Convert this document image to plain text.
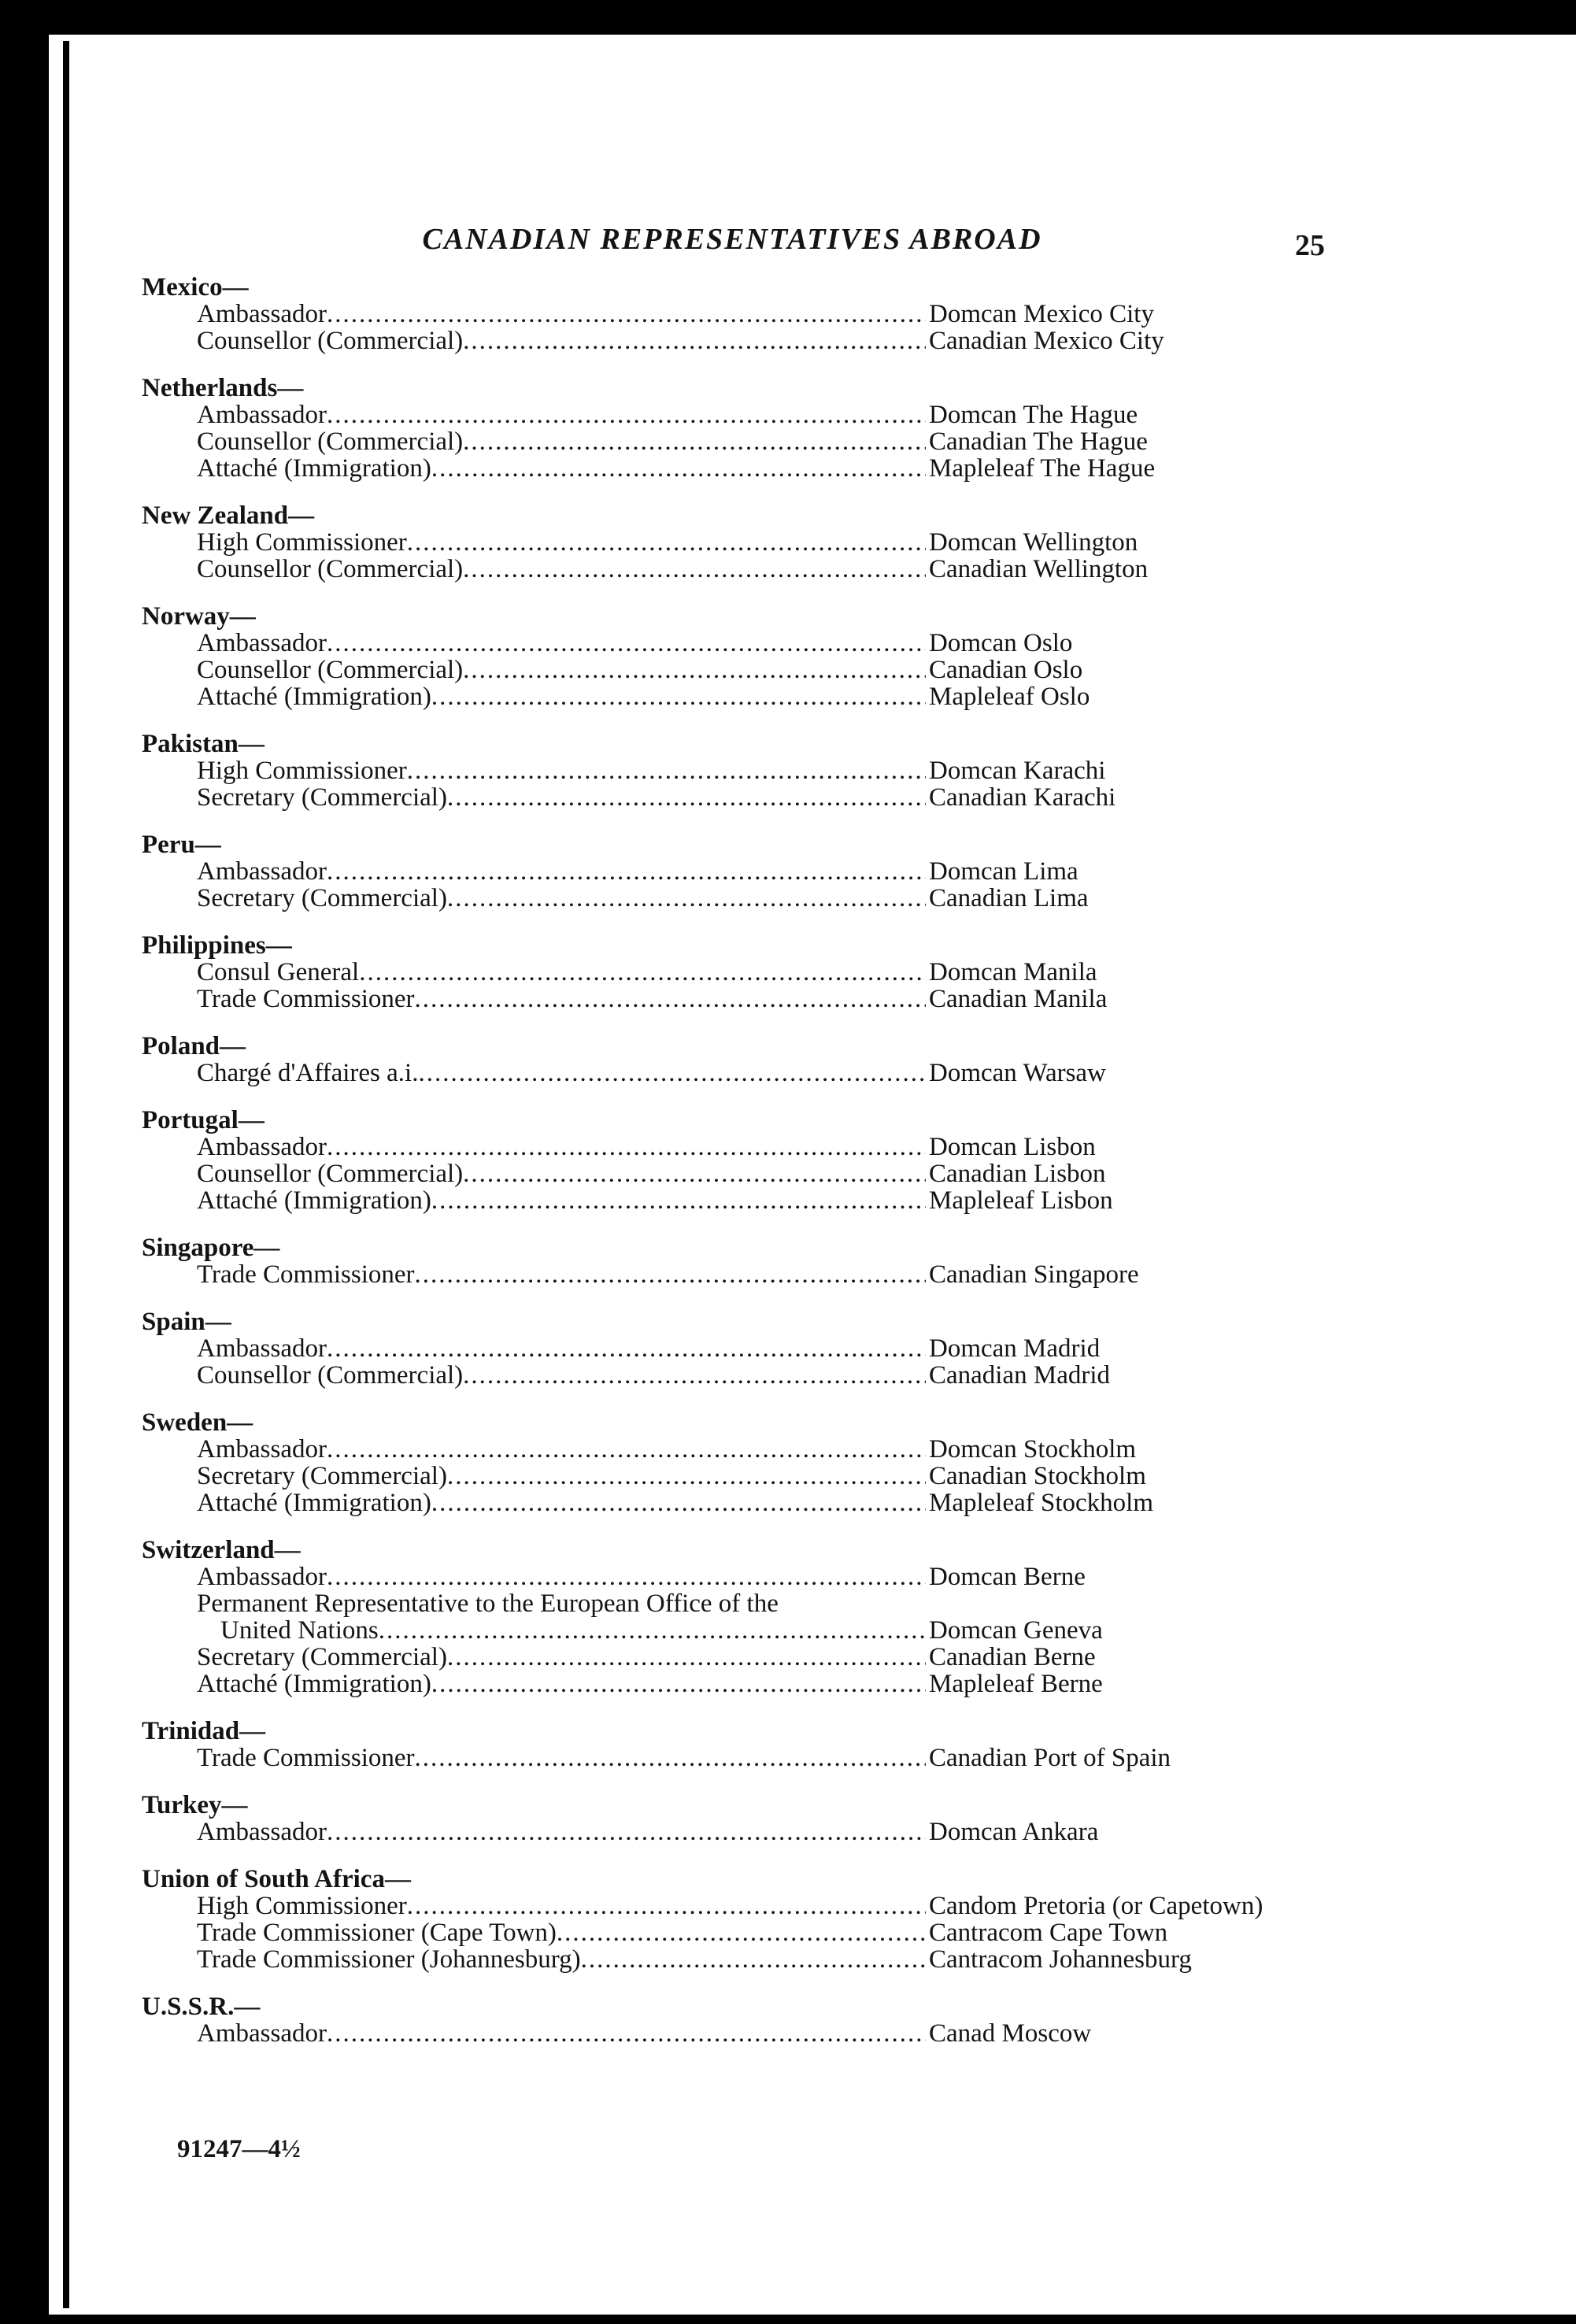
CANADIAN REPRESENTATIVES ABROAD	25
Mexico—
Ambassador .....	Domcan Mexico City
Counsellor (Commercial) .....	Canadian Mexico City
Netherlands—
Ambassador .....	Domcan The Hague
Counsellor (Commercial) .....	Canadian The Hague
Attaché (Immigration) .....	Mapleleaf The Hague
New Zealand—
High Commissioner .....	Domcan Wellington
Counsellor (Commercial) .....	Canadian Wellington
Norway—
Ambassador .....	Domcan Oslo
Counsellor (Commercial) .....	Canadian Oslo
Attaché (Immigration) .....	Mapleleaf Oslo
Pakistan—
High Commissioner .....	Domcan Karachi
Secretary (Commercial) .....	Canadian Karachi
Peru—
Ambassador .....	Domcan Lima
Secretary (Commercial) .....	Canadian Lima
Philippines—
Consul General .....	Domcan Manila
Trade Commissioner .....	Canadian Manila
Poland—
Chargé d'Affaires a.i. .....	Domcan Warsaw
Portugal—
Ambassador .....	Domcan Lisbon
Counsellor (Commercial) .....	Canadian Lisbon
Attaché (Immigration) .....	Mapleleaf Lisbon
Singapore—
Trade Commissioner .....	Canadian Singapore
Spain—
Ambassador .....	Domcan Madrid
Counsellor (Commercial) .....	Canadian Madrid
Sweden—
Ambassador .....	Domcan Stockholm
Secretary (Commercial) .....	Canadian Stockholm
Attaché (Immigration) .....	Mapleleaf Stockholm
Switzerland—
Ambassador .....	Domcan Berne
Permanent Representative to the European Office of the
United Nations .....	Domcan Geneva
Secretary (Commercial) .....	Canadian Berne
Attaché (Immigration) .....	Mapleleaf Berne
Trinidad—
Trade Commissioner .....	Canadian Port of Spain
Turkey—
Ambassador .....	Domcan Ankara
Union of South Africa—
High Commissioner .....	Candom Pretoria (or Capetown)
Trade Commissioner (Cape Town) .....	Cantracom Cape Town
Trade Commissioner (Johannesburg) .....	Cantracom Johannesburg
U.S.S.R.—
Ambassador .....	Canad Moscow
91247—4½
